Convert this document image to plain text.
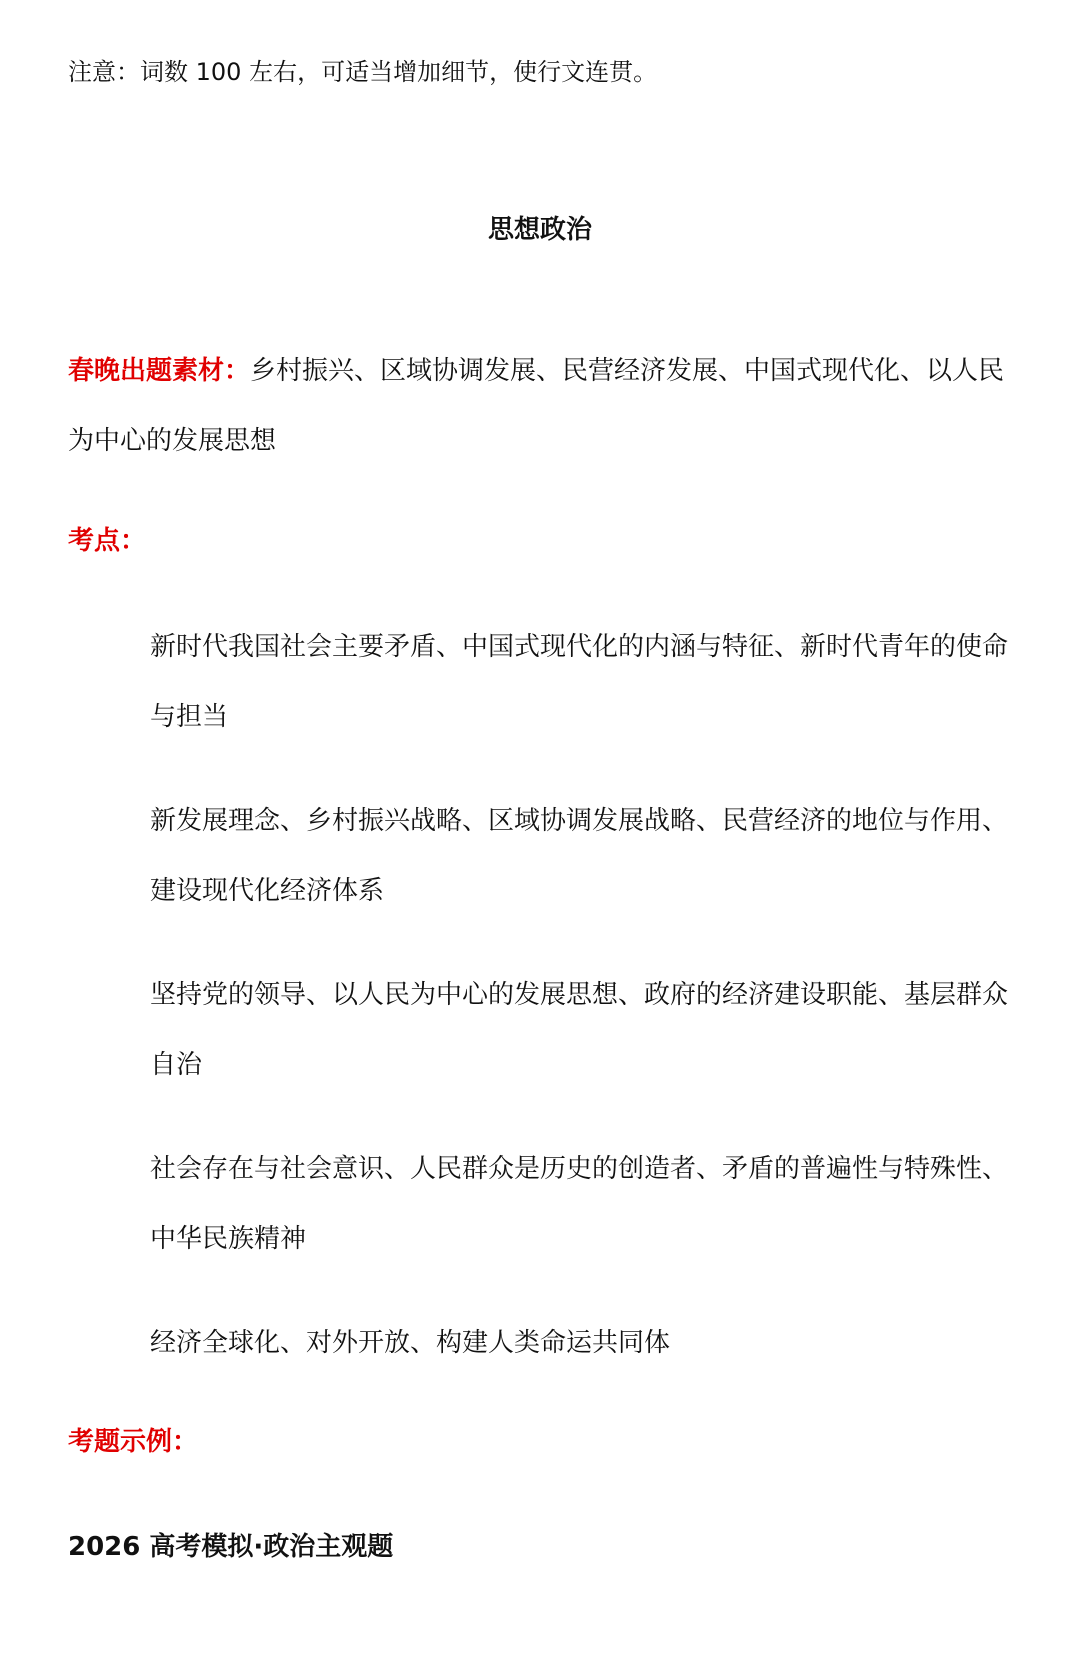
注意：词数 100 左右，可适当增加细节，使行文连贯。
思想政治

春晚出题素材：乡村振兴、区域协调发展、民营经济发展、中国式现代化、以人民为中心的发展思想

考点：
新时代我国社会主要矛盾、中国式现代化的内涵与特征、新时代青年的使命与担当
新发展理念、乡村振兴战略、区域协调发展战略、民营经济的地位与作用、建设现代化经济体系
坚持党的领导、以人民为中心的发展思想、政府的经济建设职能、基层群众自治
社会存在与社会意识、人民群众是历史的创造者、矛盾的普遍性与特殊性、中华民族精神
经济全球化、对外开放、构建人类命运共同体
考题示例：
2026 高考模拟·政治主观题
